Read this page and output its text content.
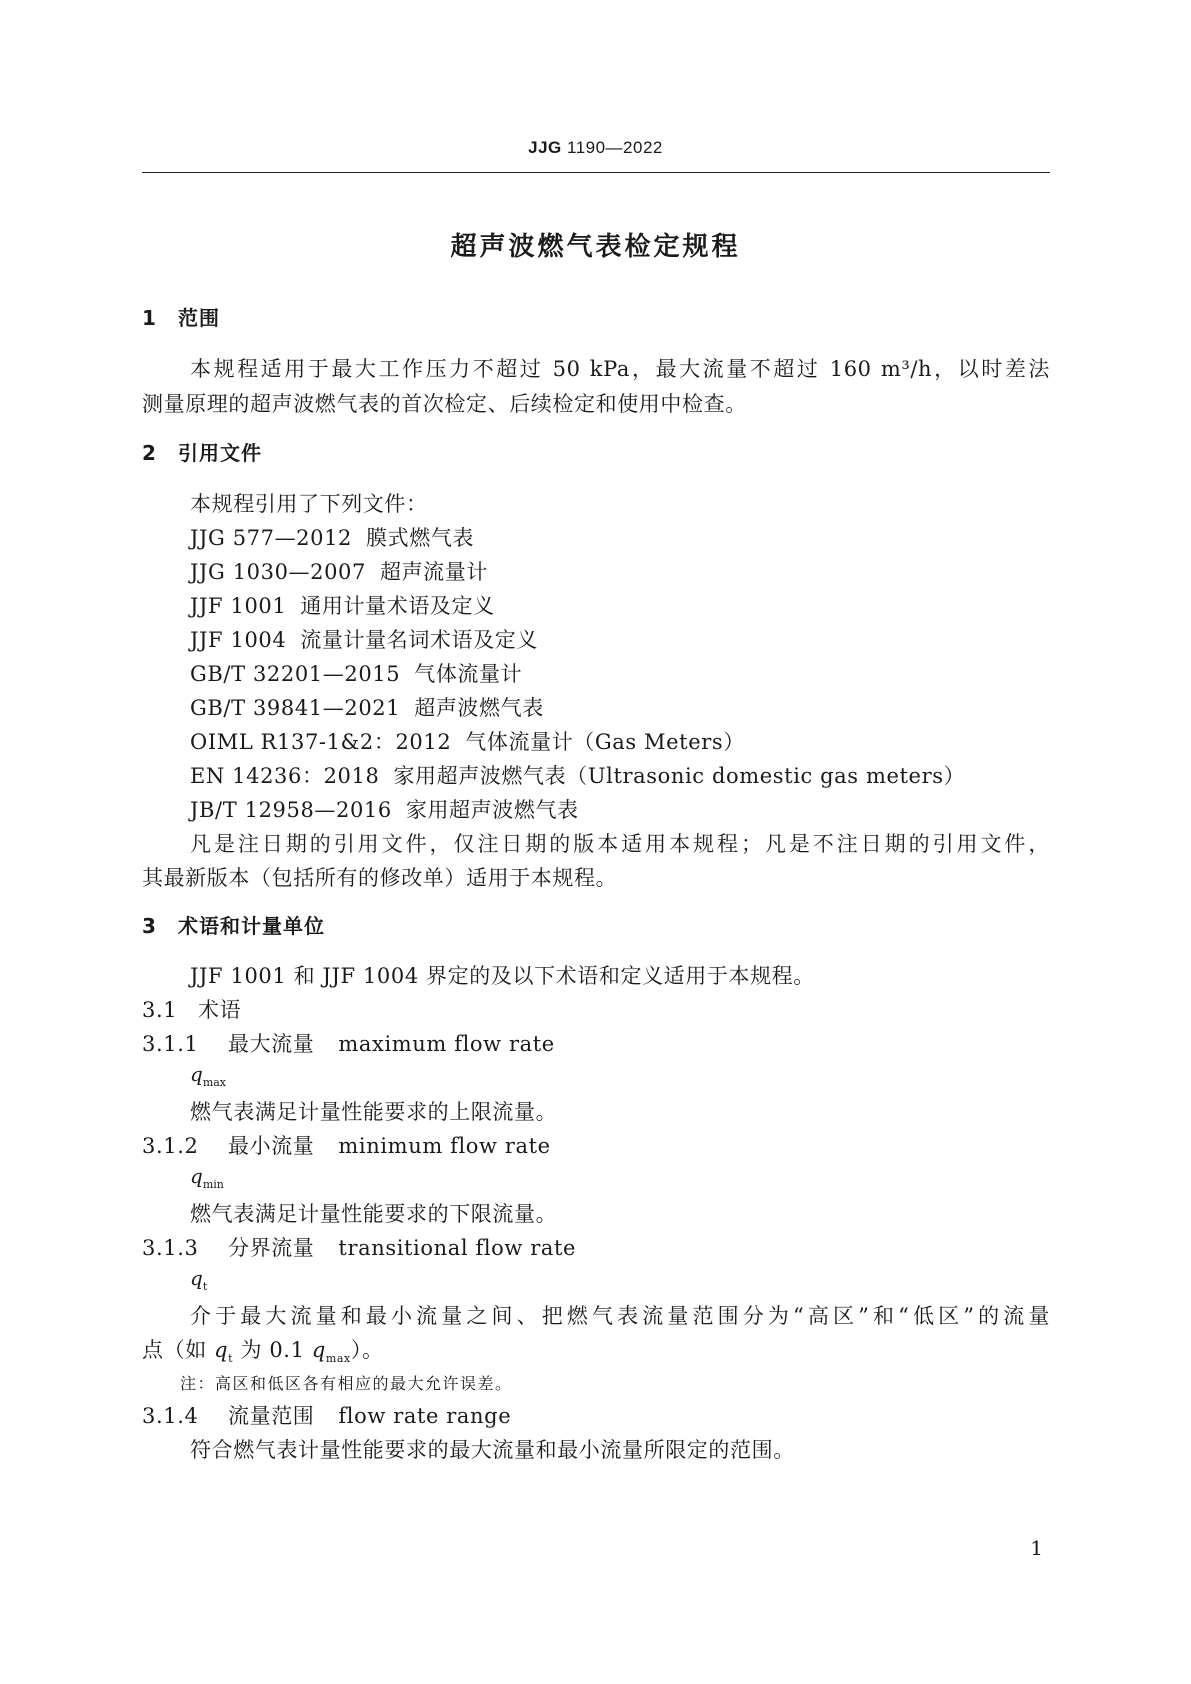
JJG 1190—2022
超声波燃气表检定规程
1 范围
本规程适用于最大工作压力不超过 50 kPa，最大流量不超过 160 m³/h，以时差法
测量原理的超声波燃气表的首次检定、后续检定和使用中检查。
2 引用文件
本规程引用了下列文件：
JJG 577—2012 膜式燃气表
JJG 1030—2007 超声流量计
JJF 1001 通用计量术语及定义
JJF 1004 流量计量名词术语及定义
GB/T 32201—2015 气体流量计
GB/T 39841—2021 超声波燃气表
OIML R137-1&2：2012 气体流量计（Gas Meters）
EN 14236：2018 家用超声波燃气表（Ultrasonic domestic gas meters）
JB/T 12958—2016 家用超声波燃气表
凡是注日期的引用文件，仅注日期的版本适用本规程；凡是不注日期的引用文件，
其最新版本（包括所有的修改单）适用于本规程。
3 术语和计量单位
JJF 1001 和 JJF 1004 界定的及以下术语和定义适用于本规程。
3.1 术语
3.1.1 最大流量 maximum flow rate
$q_{max}$
燃气表满足计量性能要求的上限流量。
3.1.2 最小流量 minimum flow rate
$q_{min}$
燃气表满足计量性能要求的下限流量。
3.1.3 分界流量 transitional flow rate
$q_t$
介于最大流量和最小流量之间、把燃气表流量范围分为“高区”和“低区”的流量
点（如 $q_t$ 为 0.1 $q_{max}$）。
注：高区和低区各有相应的最大允许误差。
3.1.4 流量范围 flow rate range
符合燃气表计量性能要求的最大流量和最小流量所限定的范围。
1
